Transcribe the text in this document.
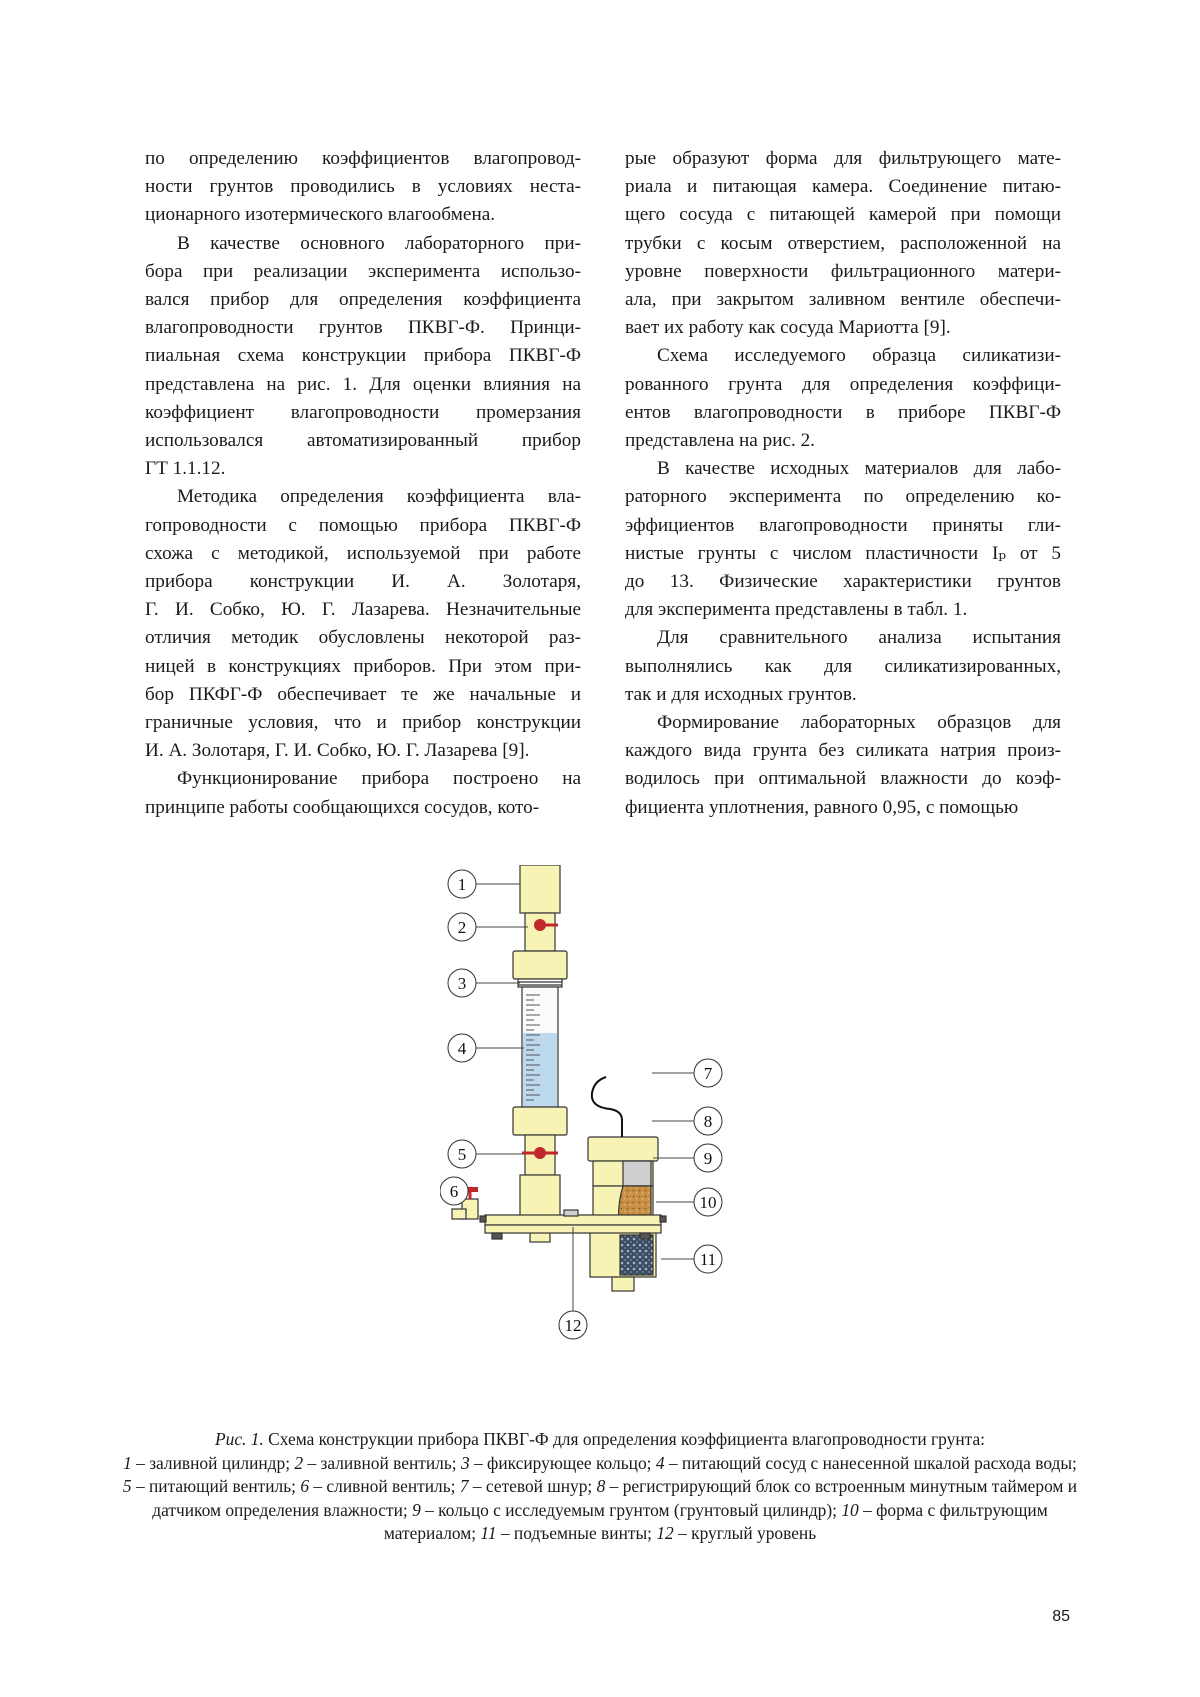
по определению коэффициентов влагопровод-
ности грунтов проводились в условиях неста-
ционарного изотермического влагообмена.

В качестве основного лабораторного при-
бора при реализации эксперимента использо-
вался прибор для определения коэффициента
влагопроводности грунтов ПКВГ-Ф. Принци-
пиальная схема конструкции прибора ПКВГ-Ф
представлена на рис. 1. Для оценки влияния на
коэффициент влагопроводности промерзания
использовался автоматизированный прибор
ГТ 1.1.12.

Методика определения коэффициента вла-
гопроводности с помощью прибора ПКВГ-Ф
схожа с методикой, используемой при работе
прибора конструкции И. А. Золотаря,
Г. И. Собко, Ю. Г. Лазарева. Незначительные
отличия методик обусловлены некоторой раз-
ницей в конструкциях приборов. При этом при-
бор ПКФГ-Ф обеспечивает те же начальные и
граничные условия, что и прибор конструкции
И. А. Золотаря, Г. И. Собко, Ю. Г. Лазарева [9].

Функционирование прибора построено на
принципе работы сообщающихся сосудов, кото-

рые образуют форма для фильтрующего мате-
риала и питающая камера. Соединение питаю-
щего сосуда с питающей камерой при помощи
трубки с косым отверстием, расположенной на
уровне поверхности фильтрационного матери-
ала, при закрытом заливном вентиле обеспечи-
вает их работу как сосуда Мариотта [9].

Схема исследуемого образца силикатизи-
рованного грунта для определения коэффици-
ентов влагопроводности в приборе ПКВГ-Ф
представлена на рис. 2.

В качестве исходных материалов для лабо-
раторного эксперимента по определению ко-
эффициентов влагопроводности приняты гли-
нистые грунты с числом пластичности Iₚ от 5
до 13. Физические характеристики грунтов
для эксперимента представлены в табл. 1.

Для сравнительного анализа испытания
выполнялись как для силикатизированных,
так и для исходных грунтов.

Формирование лабораторных образцов для
каждого вида грунта без силиката натрия произ-
водилось при оптимальной влажности до коэф-
фициента уплотнения, равного 0,95, с помощью

1
2
3
4
5
6
7
8
9
10
11
12
Рис. 1. Схема конструкции прибора ПКВГ-Ф для определения коэффициента влагопроводности грунта:
1 – заливной цилиндр; 2 – заливной вентиль; 3 – фиксирующее кольцо; 4 – питающий сосуд с нанесенной шкалой расхода воды; 5 – питающий вентиль; 6 – сливной вентиль; 7 – сетевой шнур; 8 – регистрирующий блок со встроенным минутным таймером и датчиком определения влажности; 9 – кольцо с исследуемым грунтом (грунтовый цилиндр); 10 – форма с фильтрующим материалом; 11 – подъемные винты; 12 – круглый уровень
85
